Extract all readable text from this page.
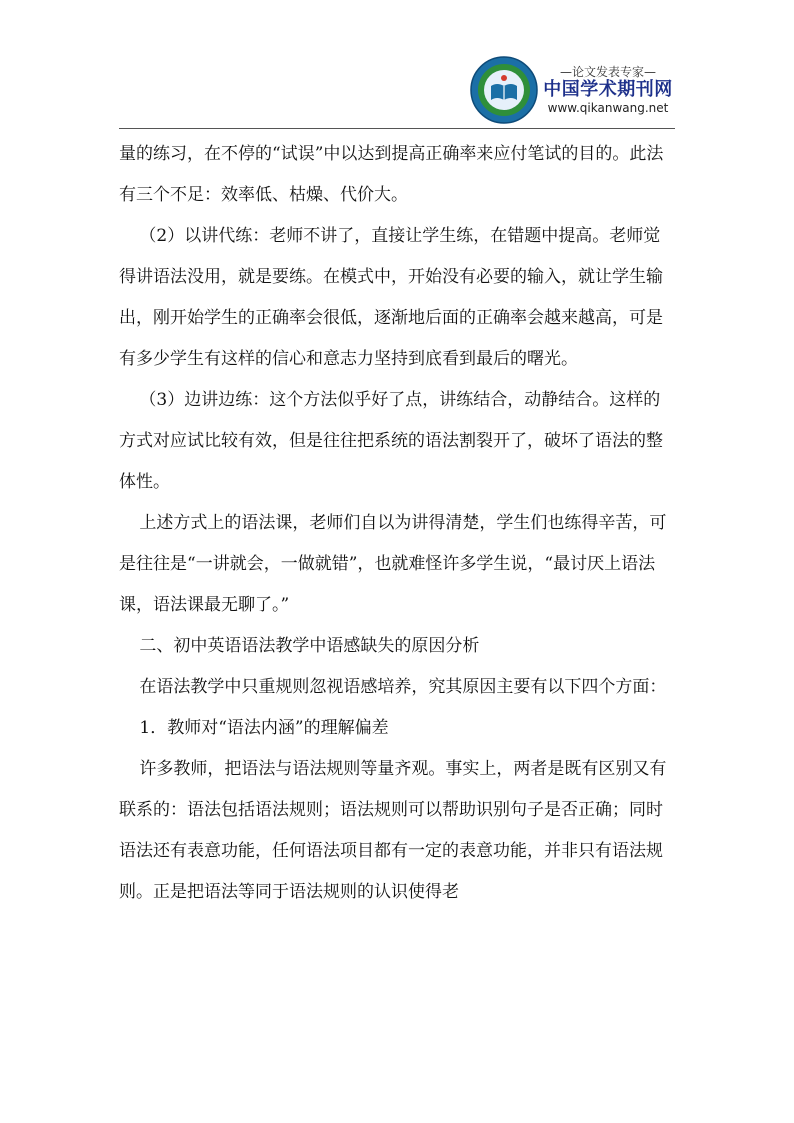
—论文发表专家—
中国学术期刊网
www.qikanwang.net

量的练习，在不停的“试误”中以达到提高正确率来应付笔试的目的。此法有三个不足：效率低、枯燥、代价大。

（2）以讲代练：老师不讲了，直接让学生练，在错题中提高。老师觉得讲语法没用，就是要练。在模式中，开始没有必要的输入，就让学生输出，刚开始学生的正确率会很低，逐渐地后面的正确率会越来越高，可是有多少学生有这样的信心和意志力坚持到底看到最后的曙光。

（3）边讲边练：这个方法似乎好了点，讲练结合，动静结合。这样的方式对应试比较有效，但是往往把系统的语法割裂开了，破坏了语法的整体性。

上述方式上的语法课，老师们自以为讲得清楚，学生们也练得辛苦，可是往往是“一讲就会，一做就错”，也就难怪许多学生说，“最讨厌上语法课，语法课最无聊了。”

二、初中英语语法教学中语感缺失的原因分析

在语法教学中只重规则忽视语感培养，究其原因主要有以下四个方面：

1．教师对“语法内涵”的理解偏差

许多教师，把语法与语法规则等量齐观。事实上，两者是既有区别又有联系的：语法包括语法规则；语法规则可以帮助识别句子是否正确；同时语法还有表意功能，任何语法项目都有一定的表意功能，并非只有语法规则。正是把语法等同于语法规则的认识使得老
